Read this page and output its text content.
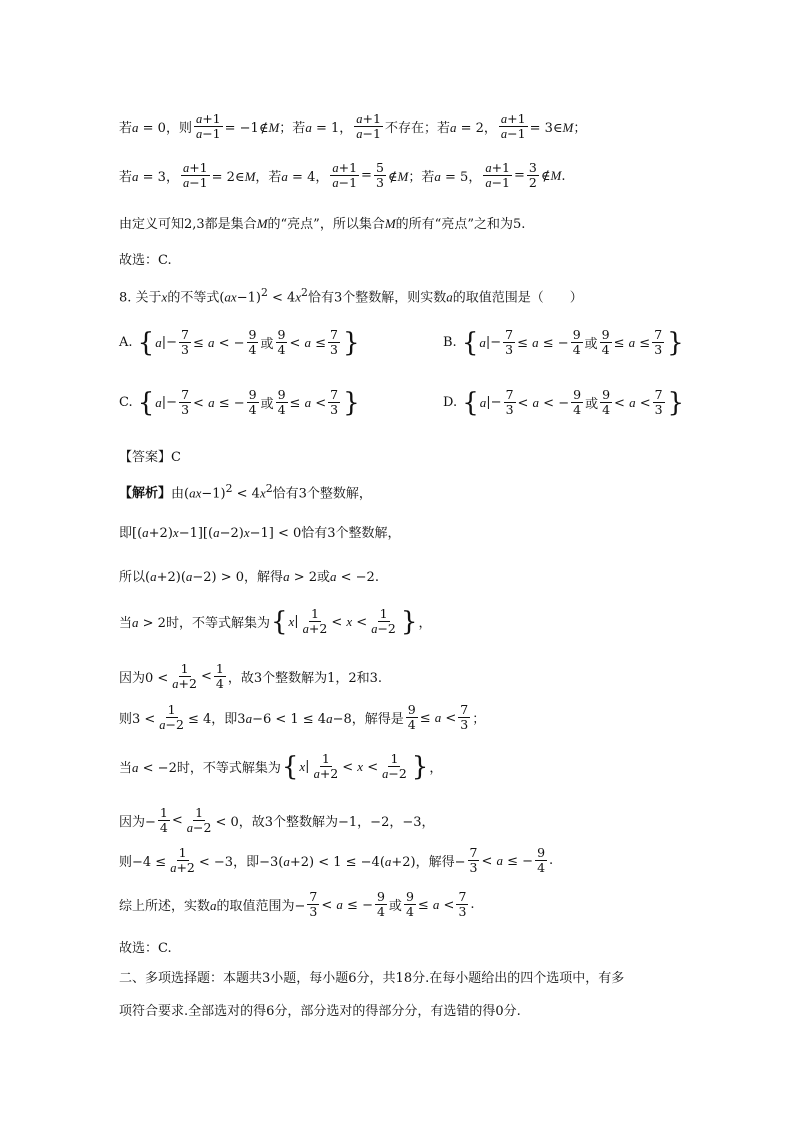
若a = 0，则 $\frac{a+1}{a-1}$ = −1∉M；若a = 1， $\frac{a+1}{a-1}$ 不存在；若a = 2， $\frac{a+1}{a-1}$ = 3∈M；
若a = 3， $\frac{a+1}{a-1}$ = 2∈M，若a = 4， $\frac{a+1}{a-1} = \frac{5}{3}$ ∉M；若a = 5， $\frac{a+1}{a-1} = \frac{3}{2}$ ∉M.
由定义可知2,3都是集合M的“亮点”，所以集合M的所有“亮点”之和为5.
故选：C.
8. 关于x的不等式$(ax-1)^2 < 4x^2$恰有3个整数解，则实数a的取值范围是（　　）
A. { a |− $\frac{7}{3} \le a$ < − $\frac{9}{4}$ 或 $\frac{9}{4} < a \le \frac{7}{3}$ }	B. { a |− $\frac{7}{3} \le a$ ≤ − $\frac{9}{4}$ 或 $\frac{9}{4} \le a \le \frac{7}{3}$ }
C. { a |− $\frac{7}{3} < a$ ≤ − $\frac{9}{4}$ 或 $\frac{9}{4} \le a < \frac{7}{3}$ }	D. { a |− $\frac{7}{3} < a$ < − $\frac{9}{4}$ 或 $\frac{9}{4} < a < \frac{7}{3}$ }
【答案】C
【解析】 由$(ax-1)^2 < 4x^2$恰有3个整数解，
即[(a+2)x−1][(a−2)x−1] < 0恰有3个整数解，
所以(a+2)(a−2) > 0，解得a > 2或a < −2.
当a > 2时，不等式解集为 { x | $\frac{1}{a+2} < x < \frac{1}{a-2}$ } ，
因为$0 < \frac{1}{a+2} < \frac{1}{4}$ ，故3个整数解为1，2和3.
则$3 < \frac{1}{a-2} \le 4$，即3a−6 < 1 ≤ 4a−8，解得是 $\frac{9}{4} \le a < \frac{7}{3}$ ；
当a < −2时，不等式解集为 { x | $\frac{1}{a+2} < x < \frac{1}{a-2}$ } ，
因为− $\frac{1}{4} < \frac{1}{a-2} < 0$，故3个整数解为−1，−2，−3，
则$-4 \le \frac{1}{a+2} < -3$，即−3(a+2) < 1 ≤ −4(a+2)，解得− $\frac{7}{3} < a$ ≤ − $\frac{9}{4}$ .
综上所述，实数a的取值范围为− $\frac{7}{3} < a$ ≤ − $\frac{9}{4}$ 或 $\frac{9}{4} \le a < \frac{7}{3}$ .
故选：C.
二、多项选择题：本题共3小题，每小题6分，共18分.在每小题给出的四个选项中，有多
项符合要求.全部选对的得6分，部分选对的得部分分，有选错的得0分.
